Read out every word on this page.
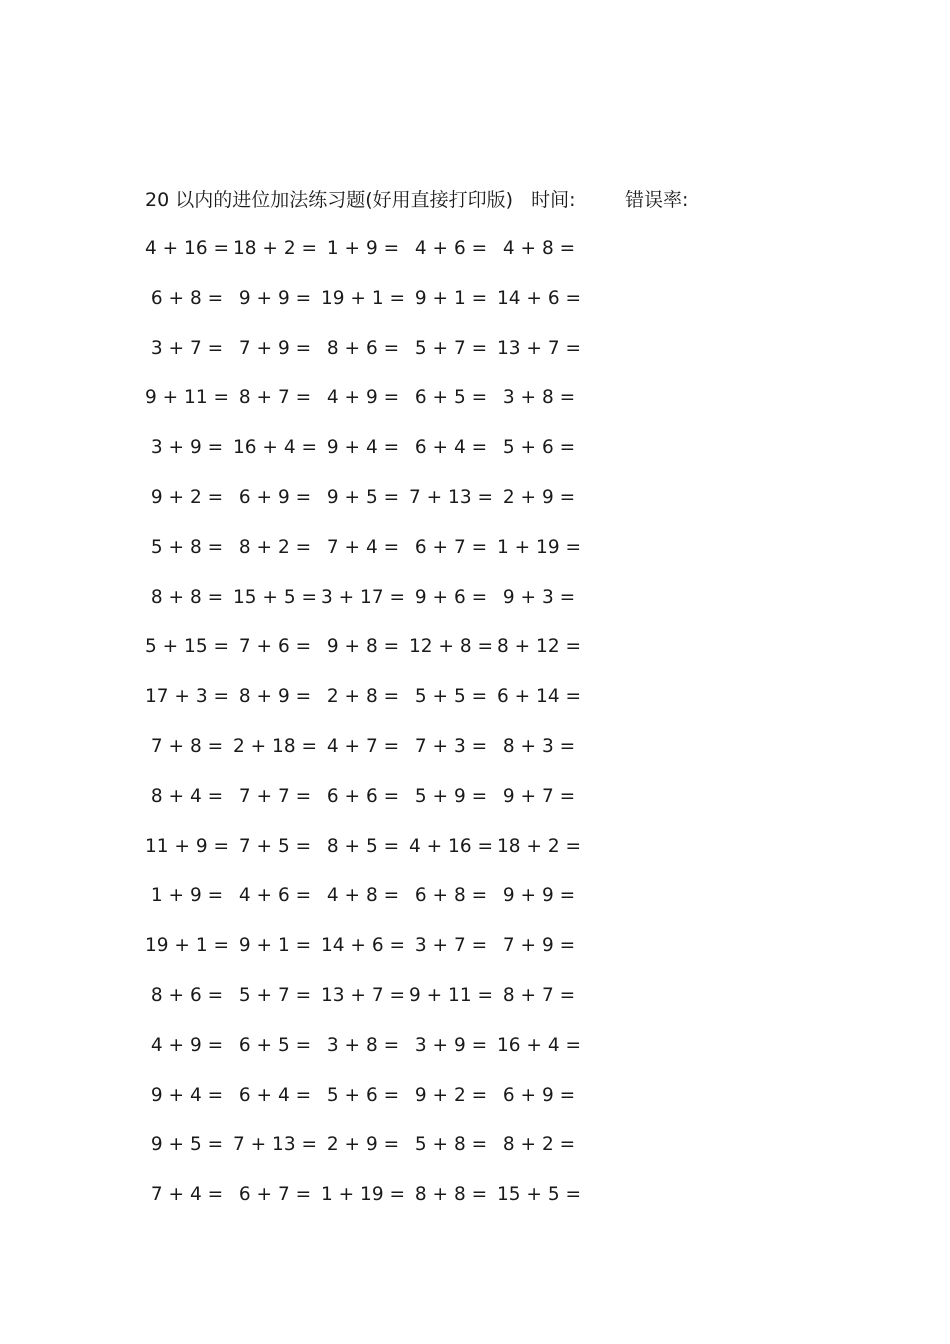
20 以内的进位加法练习题(好用直接打印版) 时间:	错误率:
4 + 16 = 18 + 2 = 1 + 9 = 4 + 6 = 4 + 8 =
6 + 8 = 9 + 9 = 19 + 1 = 9 + 1 = 14 + 6 =
3 + 7 = 7 + 9 = 8 + 6 = 5 + 7 = 13 + 7 =
9 + 11 = 8 + 7 = 4 + 9 = 6 + 5 = 3 + 8 =
3 + 9 = 16 + 4 = 9 + 4 = 6 + 4 = 5 + 6 =
9 + 2 = 6 + 9 = 9 + 5 = 7 + 13 = 2 + 9 =
5 + 8 = 8 + 2 = 7 + 4 = 6 + 7 = 1 + 19 =
8 + 8 = 15 + 5 = 3 + 17 = 9 + 6 = 9 + 3 =
5 + 15 = 7 + 6 = 9 + 8 = 12 + 8 = 8 + 12 =
17 + 3 = 8 + 9 = 2 + 8 = 5 + 5 = 6 + 14 =
7 + 8 = 2 + 18 = 4 + 7 = 7 + 3 = 8 + 3 =
8 + 4 = 7 + 7 = 6 + 6 = 5 + 9 = 9 + 7 =
11 + 9 = 7 + 5 = 8 + 5 = 4 + 16 = 18 + 2 =
1 + 9 = 4 + 6 = 4 + 8 = 6 + 8 = 9 + 9 =
19 + 1 = 9 + 1 = 14 + 6 = 3 + 7 = 7 + 9 =
8 + 6 = 5 + 7 = 13 + 7 = 9 + 11 = 8 + 7 =
4 + 9 = 6 + 5 = 3 + 8 = 3 + 9 = 16 + 4 =
9 + 4 = 6 + 4 = 5 + 6 = 9 + 2 = 6 + 9 =
9 + 5 = 7 + 13 = 2 + 9 = 5 + 8 = 8 + 2 =
7 + 4 = 6 + 7 = 1 + 19 = 8 + 8 = 15 + 5 =
